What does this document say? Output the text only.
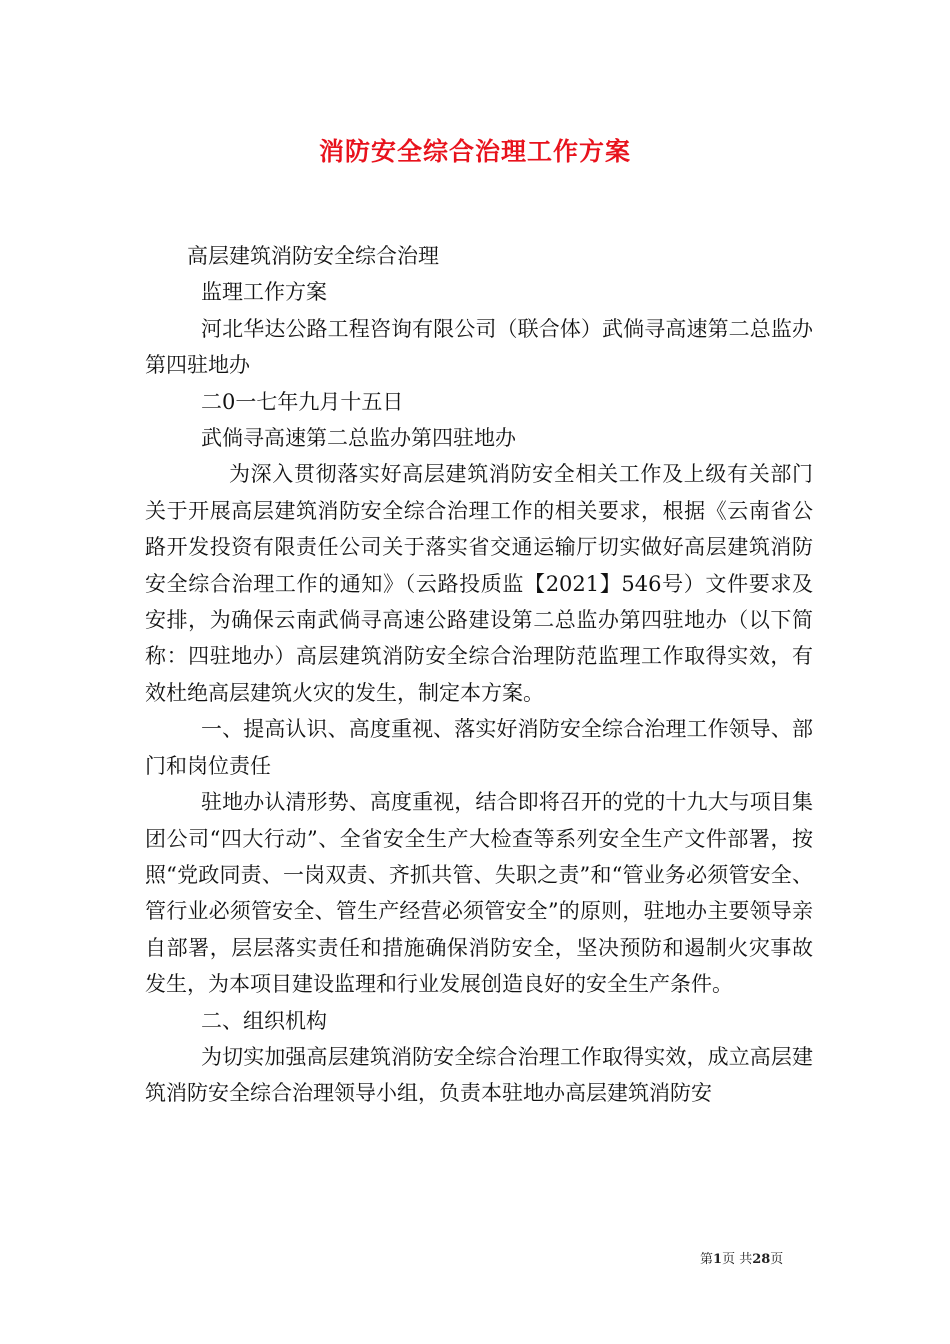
消防安全综合治理工作方案

高层建筑消防安全综合治理

监理工作方案

河北华达公路工程咨询有限公司（联合体）武倘寻高速第二总监办第四驻地办

二0一七年九月十五日

武倘寻高速第二总监办第四驻地办

为深入贯彻落实好高层建筑消防安全相关工作及上级有关部门关于开展高层建筑消防安全综合治理工作的相关要求，根据《云南省公路开发投资有限责任公司关于落实省交通运输厅切实做好高层建筑消防安全综合治理工作的通知》（云路投质监【2021】546号）文件要求及安排，为确保云南武倘寻高速公路建设第二总监办第四驻地办（以下简称：四驻地办）高层建筑消防安全综合治理防范监理工作取得实效，有效杜绝高层建筑火灾的发生，制定本方案。

一、提高认识、高度重视、落实好消防安全综合治理工作领导、部门和岗位责任

驻地办认清形势、高度重视，结合即将召开的党的十九大与项目集团公司“四大行动”、全省安全生产大检查等系列安全生产文件部署，按照“党政同责、一岗双责、齐抓共管、失职之责”和“管业务必须管安全、管行业必须管安全、管生产经营必须管安全”的原则，驻地办主要领导亲自部署，层层落实责任和措施确保消防安全，坚决预防和遏制火灾事故发生，为本项目建设监理和行业发展创造良好的安全生产条件。

二、组织机构

为切实加强高层建筑消防安全综合治理工作取得实效，成立高层建筑消防安全综合治理领导小组，负责本驻地办高层建筑消防安

第1页 共28页
